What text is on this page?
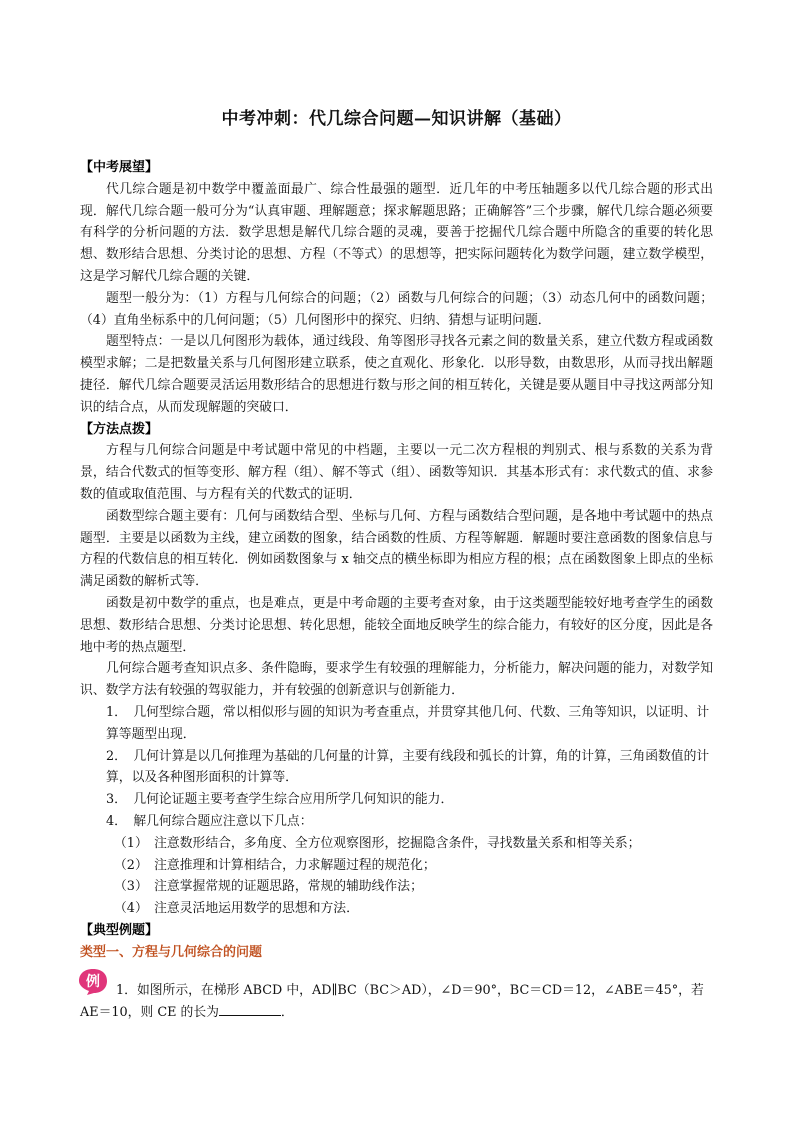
中考冲刺：代几综合问题—知识讲解（基础）

【中考展望】

代几综合题是初中数学中覆盖面最广、综合性最强的题型．近几年的中考压轴题多以代几综合题的形式出现．解代几综合题一般可分为“认真审题、理解题意；探求解题思路；正确解答”三个步骤，解代几综合题必须要有科学的分析问题的方法．数学思想是解代几综合题的灵魂，要善于挖掘代几综合题中所隐含的重要的转化思想、数形结合思想、分类讨论的思想、方程（不等式）的思想等，把实际问题转化为数学问题，建立数学模型，这是学习解代几综合题的关键．

题型一般分为：（1）方程与几何综合的问题；（2）函数与几何综合的问题；（3）动态几何中的函数问题；（4）直角坐标系中的几何问题；（5）几何图形中的探究、归纳、猜想与证明问题．

题型特点：一是以几何图形为载体，通过线段、角等图形寻找各元素之间的数量关系，建立代数方程或函数模型求解；二是把数量关系与几何图形建立联系，使之直观化、形象化．以形导数，由数思形，从而寻找出解题捷径．解代几综合题要灵活运用数形结合的思想进行数与形之间的相互转化，关键是要从题目中寻找这两部分知识的结合点，从而发现解题的突破口．

【方法点拨】

方程与几何综合问题是中考试题中常见的中档题，主要以一元二次方程根的判别式、根与系数的关系为背景，结合代数式的恒等变形、解方程（组）、解不等式（组）、函数等知识．其基本形式有：求代数式的值、求参数的值或取值范围、与方程有关的代数式的证明．

函数型综合题主要有：几何与函数结合型、坐标与几何、方程与函数结合型问题，是各地中考试题中的热点题型．主要是以函数为主线，建立函数的图象，结合函数的性质、方程等解题．解题时要注意函数的图象信息与方程的代数信息的相互转化．例如函数图象与 x 轴交点的横坐标即为相应方程的根；点在函数图象上即点的坐标满足函数的解析式等．

函数是初中数学的重点，也是难点，更是中考命题的主要考查对象，由于这类题型能较好地考查学生的函数思想、数形结合思想、分类讨论思想、转化思想，能较全面地反映学生的综合能力，有较好的区分度，因此是各地中考的热点题型．

几何综合题考查知识点多、条件隐晦，要求学生有较强的理解能力，分析能力，解决问题的能力，对数学知识、数学方法有较强的驾驭能力，并有较强的创新意识与创新能力．

1．　几何型综合题，常以相似形与圆的知识为考查重点，并贯穿其他几何、代数、三角等知识，以证明、计算等题型出现．

2．　几何计算是以几何推理为基础的几何量的计算，主要有线段和弧长的计算，角的计算，三角函数值的计算，以及各种图形面积的计算等．

3．　几何论证题主要考查学生综合应用所学几何知识的能力．

4．　解几何综合题应注意以下几点：

（1）　注意数形结合，多角度、全方位观察图形，挖掘隐含条件，寻找数量关系和相等关系；

（2）　注意推理和计算相结合，力求解题过程的规范化；

（3）　注意掌握常规的证题思路，常规的辅助线作法；

（4）　注意灵活地运用数学的思想和方法．

【典型例题】

类型一、方程与几何综合的问题

例

1．如图所示，在梯形 ABCD 中，AD∥BC（BC＞AD），∠D＝90°，BC＝CD＝12，∠ABE＝45°，若 AE＝10，则 CE 的长为	．
